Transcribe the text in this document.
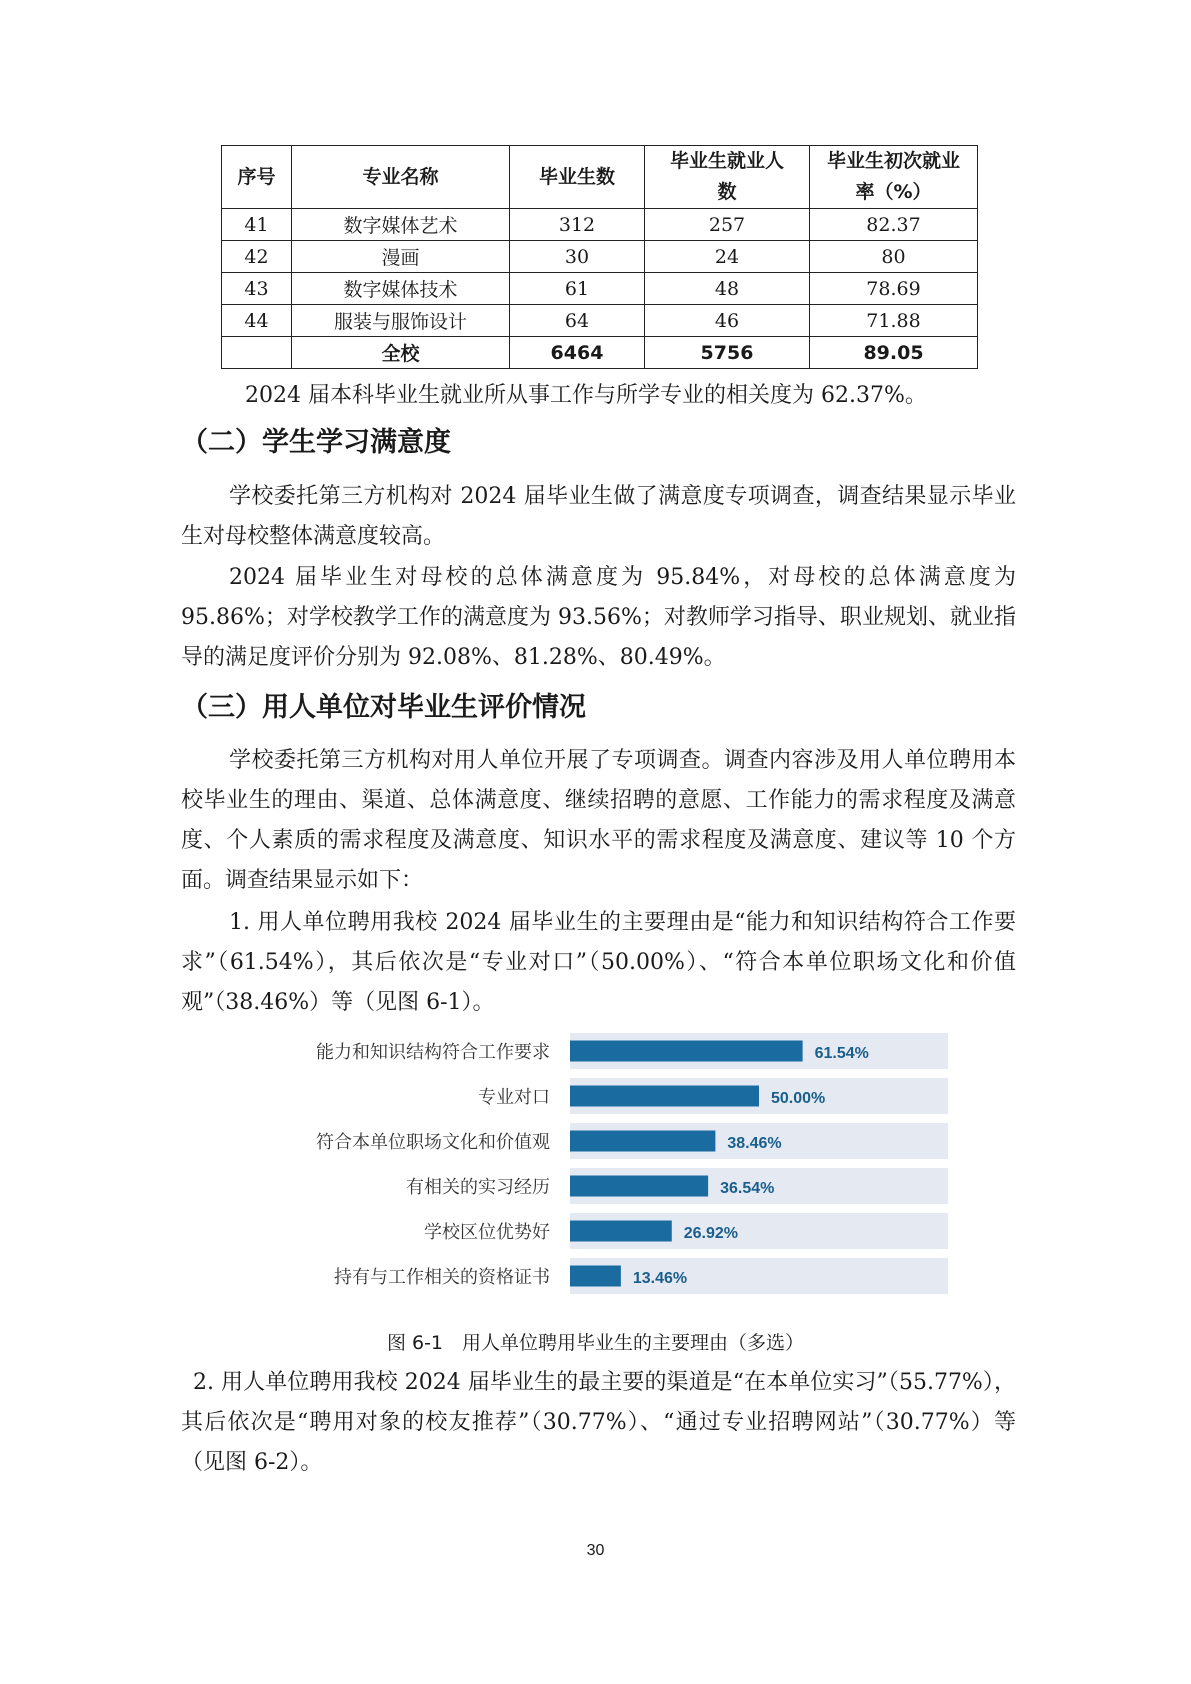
序号	专业名称	毕业生数	毕业生就业人数	毕业生初次就业率（%）
41	数字媒体艺术	312	257	82.37
42	漫画	30	24	80
43	数字媒体技术	61	48	78.69
44	服装与服饰设计	64	46	71.88
	全校	6464	5756	89.05

2024 届本科毕业生就业所从事工作与所学专业的相关度为 62.37%。

（二）学生学习满意度

学校委托第三方机构对 2024 届毕业生做了满意度专项调查，调查结果显示毕业生对母校整体满意度较高。

2024 届毕业生对母校的总体满意度为 95.84%，对母校的总体满意度为 95.86%；对学校教学工作的满意度为 93.56%；对教师学习指导、职业规划、就业指导的满足度评价分别为 92.08%、81.28%、80.49%。

（三）用人单位对毕业生评价情况

学校委托第三方机构对用人单位开展了专项调查。调查内容涉及用人单位聘用本校毕业生的理由、渠道、总体满意度、继续招聘的意愿、工作能力的需求程度及满意度、个人素质的需求程度及满意度、知识水平的需求程度及满意度、建议等 10 个方面。调查结果显示如下：

1. 用人单位聘用我校 2024 届毕业生的主要理由是“能力和知识结构符合工作要求”（61.54%），其后依次是“专业对口”（50.00%）、“符合本单位职场文化和价值观”（38.46%）等（见图 6-1）。

能力和知识结构符合工作要求	61.54%
专业对口	50.00%
符合本单位职场文化和价值观	38.46%
有相关的实习经历	36.54%
学校区位优势好	26.92%
持有与工作相关的资格证书	13.46%

图 6-1　用人单位聘用毕业生的主要理由（多选）

2. 用人单位聘用我校 2024 届毕业生的最主要的渠道是“在本单位实习”（55.77%），其后依次是“聘用对象的校友推荐”（30.77%）、“通过专业招聘网站”（30.77%）等（见图 6-2）。

30
